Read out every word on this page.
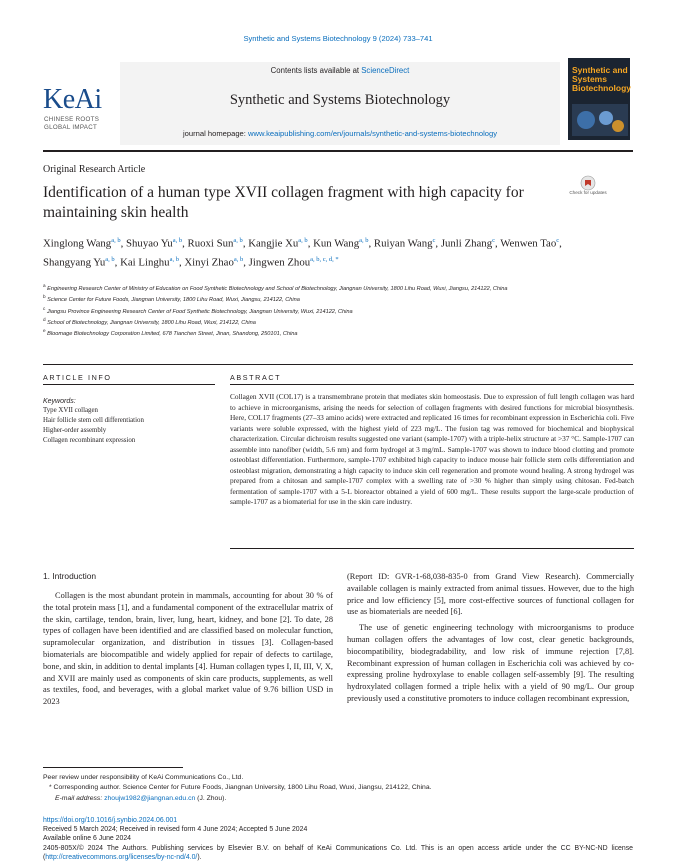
Synthetic and Systems Biotechnology 9 (2024) 733–741
Contents lists available at ScienceDirect
Synthetic and Systems Biotechnology
journal homepage: www.keaipublishing.com/en/journals/synthetic-and-systems-biotechnology
KeAi
CHINESE ROOTS
GLOBAL IMPACT
Synthetic and Systems Biotechnology
Original Research Article
Identification of a human type XVII collagen fragment with high capacity for maintaining skin health
Check for updates
Xinglong Wang$^{a, b}$, Shuyao Yu$^{a, b}$, Ruoxi Sun$^{a, b}$, Kangjie Xu$^{a, b}$, Kun Wang$^{a, b}$, Ruiyan Wang$^c$, Junli Zhang$^c$, Wenwen Tao$^c$, Shangyang Yu$^{a, b}$, Kai Linghu$^{a, b}$, Xinyi Zhao$^{a, b}$, Jingwen Zhou$^{a, b, c, d, *}$
$^a$ Engineering Research Center of Ministry of Education on Food Synthetic Biotechnology and School of Biotechnology, Jiangnan University, 1800 Lihu Road, Wuxi, Jiangsu, 214122, China
$^b$ Science Center for Future Foods, Jiangnan University, 1800 Lihu Road, Wuxi, Jiangsu, 214122, China
$^c$ Jiangsu Province Engineering Research Center of Food Synthetic Biotechnology, Jiangnan University, Wuxi, 214122, China
$^d$ School of Biotechnology, Jiangnan University, 1800 Lihu Road, Wuxi, 214122, China
$^e$ Bloomage Biotechnology Corporation Limited, 678 Tianchen Street, Jinan, Shandong, 250101, China
ARTICLE INFO	ABSTRACT
Keywords:
Type XVII collagen
Hair follicle stem cell differentiation
Higher-order assembly
Collagen recombinant expression
Collagen XVII (COL17) is a transmembrane protein that mediates skin homeostasis. Due to expression of full length collagen was hard to achieve in microorganisms, arising the needs for selection of collagen fragments with desired functions for microbial biosynthesis. Here, COL17 fragments (27–33 amino acids) were extracted and replicated 16 times for recombinant expression in Escherichia coli. Five variants were soluble expressed, with the highest yield of 223 mg/L. The fusion tag was removed for biochemical and biophysical characterization. Circular dichroism results suggested one variant (sample-1707) with a triple-helix structure at >37 °C. Sample-1707 can assemble into nanofiber (width, 5.6 nm) and form hydrogel at 3 mg/mL. Sample-1707 was shown to induce blood clotting and promote osteoblast differentiation. Furthermore, sample-1707 exhibited high capacity to induce mouse hair follicle stem cells differentiation and osteoblast migration, demonstrating a high capacity to induce skin cell regeneration and promote wound healing. A strong hydrogel was prepared from a chitosan and sample-1707 complex with a swelling rate of >30 % higher than simply using chitosan. Fed-batch fermentation of sample-1707 with a 5-L bioreactor obtained a yield of 600 mg/L. These results support the large-scale production of sample-1707 as a biomaterial for use in the skin care industry.
1. Introduction

Collagen is the most abundant protein in mammals, accounting for about 30 % of the total protein mass [1], and a fundamental component of the extracellular matrix of the skin, cartilage, tendon, brain, liver, lung, heart, kidney, and bone [2]. To date, 28 types of collagen have been identified and are classified based on molecular function, supramolecular organization, and distribution in tissues [3]. Collagen-based biomaterials are biocompatible and widely applied for repair of defects to cartilage, bone, and skin, in addition to dental implants [4]. Human collagen types I, II, III, V, X, and XVII are mainly used as components of skin care products, supplements, as well as textiles, food, and beverages, with a global market value of 9.76 billion USD in 2023

(Report ID: GVR-1-68,038-835-0 from Grand View Research). Commercially available collagen is mainly extracted from animal tissues. However, due to the high price and low efficiency [5], more cost-effective sources of functional collagen for use as biomaterials are needed [6].

The use of genetic engineering technology with microorganisms to produce human collagen offers the advantages of low cost, clear genetic backgrounds, biocompatibility, biodegradability, and low risk of immune rejection [7,8]. Recombinant expression of human collagen in Escherichia coli was achieved by co-expressing proline hydroxylase to enable collagen self-assembly [9]. The resulting hydroxylated collagen formed a triple helix with a yield of 90 mg/L. Our group previously used a constitutive promoters to induce collagen recombinant expression,

Peer review under responsibility of KeAi Communications Co., Ltd.
* Corresponding author. Science Center for Future Foods, Jiangnan University, 1800 Lihu Road, Wuxi, Jiangsu, 214122, China.
E-mail address: zhoujw1982@jiangnan.edu.cn (J. Zhou).
https://doi.org/10.1016/j.synbio.2024.06.001
Received 5 March 2024; Received in revised form 4 June 2024; Accepted 5 June 2024
Available online 6 June 2024
2405-805X/© 2024 The Authors. Publishing services by Elsevier B.V. on behalf of KeAi Communications Co. Ltd. This is an open access article under the CC BY-NC-ND license (http://creativecommons.org/licenses/by-nc-nd/4.0/).
